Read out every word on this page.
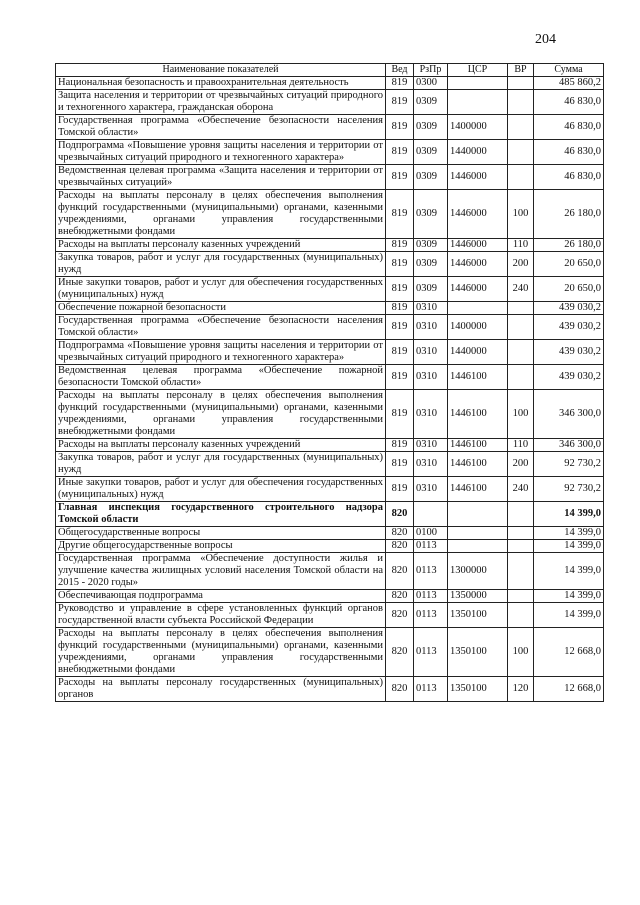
204
Наименование показателей	Вед	РзПр	ЦСР	ВР	Сумма
Национальная безопасность и правоохранительная деятельность	819	0300			485 860,2
Защита населения и территории от чрезвычайных ситуаций природного и техногенного характера, гражданская оборона	819	0309			46 830,0
Государственная программа «Обеспечение безопасности населения Томской области»	819	0309	1400000		46 830,0
Подпрограмма «Повышение уровня защиты населения и территории от чрезвычайных ситуаций природного и техногенного характера»	819	0309	1440000		46 830,0
Ведомственная целевая программа «Защита населения и территории от чрезвычайных ситуаций»	819	0309	1446000		46 830,0
Расходы на выплаты персоналу в целях обеспечения выполнения функций государственными (муниципальными) органами, казенными учреждениями, органами управления государственными внебюджетными фондами	819	0309	1446000	100	26 180,0
Расходы на выплаты персоналу казенных учреждений	819	0309	1446000	110	26 180,0
Закупка товаров, работ и услуг для государственных (муниципальных) нужд	819	0309	1446000	200	20 650,0
Иные закупки товаров, работ и услуг для обеспечения государственных (муниципальных) нужд	819	0309	1446000	240	20 650,0
Обеспечение пожарной безопасности	819	0310			439 030,2
Государственная программа «Обеспечение безопасности населения Томской области»	819	0310	1400000		439 030,2
Подпрограмма «Повышение уровня защиты населения и территории от чрезвычайных ситуаций природного и техногенного характера»	819	0310	1440000		439 030,2
Ведомственная целевая программа «Обеспечение пожарной безопасности Томской области»	819	0310	1446100		439 030,2
Расходы на выплаты персоналу в целях обеспечения выполнения функций государственными (муниципальными) органами, казенными учреждениями, органами управления государственными внебюджетными фондами	819	0310	1446100	100	346 300,0
Расходы на выплаты персоналу казенных учреждений	819	0310	1446100	110	346 300,0
Закупка товаров, работ и услуг для государственных (муниципальных) нужд	819	0310	1446100	200	92 730,2
Иные закупки товаров, работ и услуг для обеспечения государственных (муниципальных) нужд	819	0310	1446100	240	92 730,2
Главная инспекция государственного строительного надзора Томской области	820				14 399,0
Общегосударственные вопросы	820	0100			14 399,0
Другие общегосударственные вопросы	820	0113			14 399,0
Государственная программа «Обеспечение доступности жилья и улучшение качества жилищных условий населения Томской области на 2015 - 2020 годы»	820	0113	1300000		14 399,0
Обеспечивающая подпрограмма	820	0113	1350000		14 399,0
Руководство и управление в сфере установленных функций органов государственной власти субъекта Российской Федерации	820	0113	1350100		14 399,0
Расходы на выплаты персоналу в целях обеспечения выполнения функций государственными (муниципальными) органами, казенными учреждениями, органами управления государственными внебюджетными фондами	820	0113	1350100	100	12 668,0
Расходы на выплаты персоналу государственных (муниципальных) органов	820	0113	1350100	120	12 668,0
